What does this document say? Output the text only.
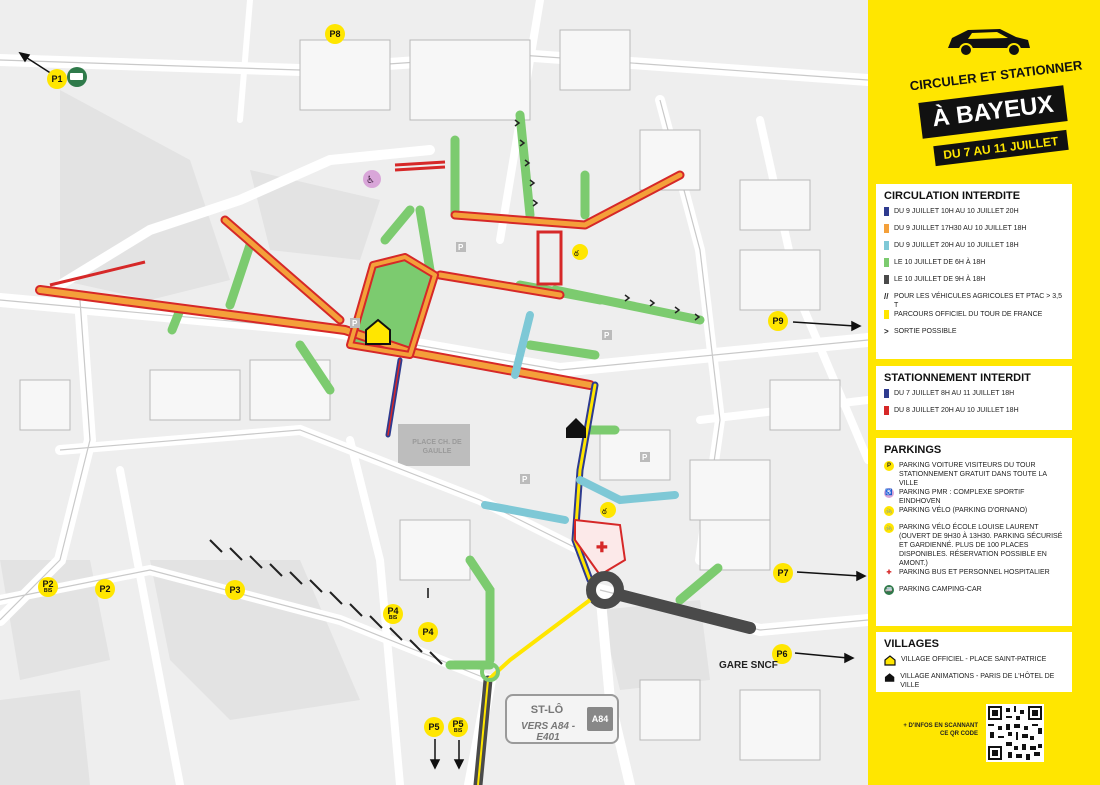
✚
ఠ
ఠ
♿
P
P
P
P
P
P1
P2
BIS	P2	P3
P4
BIS
P4
P5 P5
BIS
P6
P7
P8
P9
GARE SNCF
PLACE CH. DE GAULLE
ST-LÔ
VERS A84 - E401
A84
CIRCULER ET STATIONNER
À BAYEUX
DU 7 AU 11 JUILLET
CIRCULATION INTERDITE
DU 9 JUILLET 10H AU 10 JUILLET 20H
DU 9 JUILLET 17H30 AU 10 JUILLET 18H
DU 9 JUILLET 20H AU 10 JUILLET 18H
LE 10 JUILLET DE 6H À 18H
LE 10 JUILLET DE 9H À 18H
// POUR LES VÉHICULES AGRICOLES ET PTAC > 3,5 T
PARCOURS OFFICIEL DU TOUR DE FRANCE
> SORTIE POSSIBLE
STATIONNEMENT INTERDIT
DU 7 JUILLET 8H AU 11 JUILLET 18H
DU 8 JUILLET 20H AU 10 JUILLET 18H
PARKINGS
P	PARKING VOITURE VISITEURS DU TOUR STATIONNEMENT GRATUIT DANS TOUTE LA VILLE
♿ PARKING PMR : COMPLEXE SPORTIF EINDHOVEN
🚲 PARKING VÉLO (PARKING D'ORNANO)
🚲 PARKING VÉLO ÉCOLE LOUISE LAURENT (OUVERT DE 9H30 À 13H30. PARKING SÉCURISÉ ET GARDIENNÉ. PLUS DE 100 PLACES DISPONIBLES. RÉSERVATION POSSIBLE EN AMONT.)
✚	PARKING BUS ET PERSONNEL HOSPITALIER
🚐 PARKING CAMPING-CAR
VILLAGES
VILLAGE OFFICIEL - PLACE SAINT-PATRICE
VILLAGE ANIMATIONS - PARIS DE L'HÔTEL DE VILLE
+ D'INFOS EN SCANNANT CE QR CODE
